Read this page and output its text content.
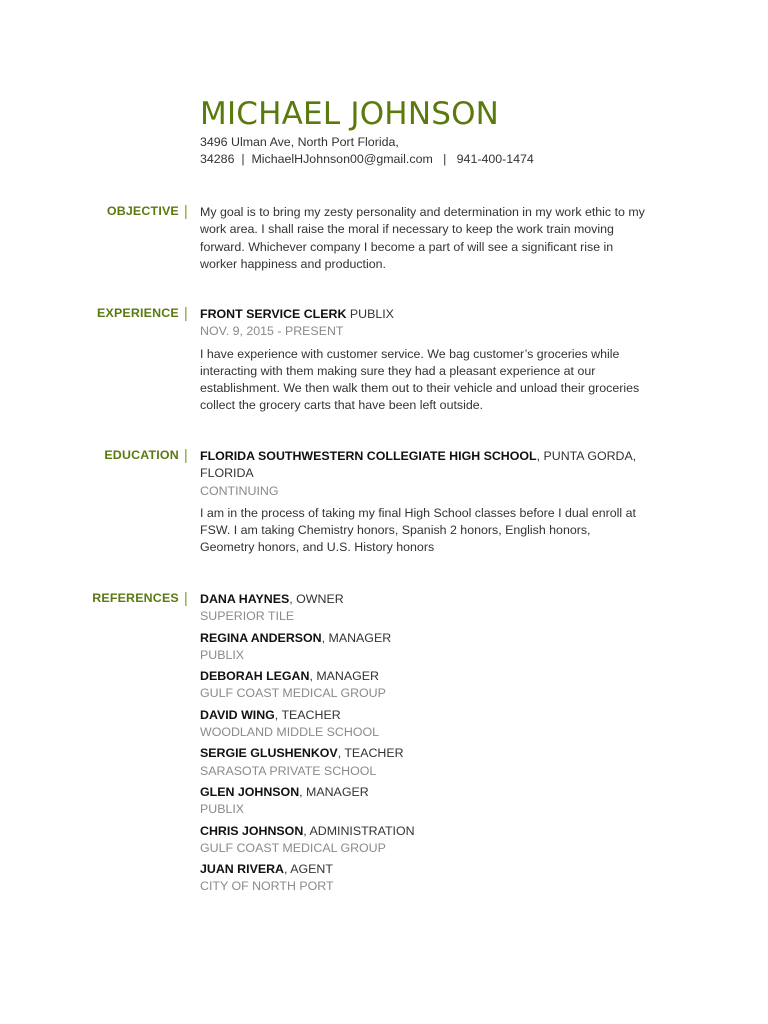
MICHAEL JOHNSON
3496 Ulman Ave, North Port Florida,
34286 | MichaelHJohnson00@gmail.com | 941-400-1474
OBJECTIVE | My goal is to bring my zesty personality and determination in my work ethic to my work area. I shall raise the moral if necessary to keep the work train moving forward. Whichever company I become a part of will see a significant rise in worker happiness and production.
EXPERIENCE | FRONT SERVICE CLERK PUBLIX
NOV. 9, 2015 - PRESENT
I have experience with customer service. We bag customer’s groceries while interacting with them making sure they had a pleasant experience at our establishment. We then walk them out to their vehicle and unload their groceries collect the grocery carts that have been left outside.
EDUCATION | FLORIDA SOUTHWESTERN COLLEGIATE HIGH SCHOOL, PUNTA GORDA, FLORIDA
CONTINUING
I am in the process of taking my final High School classes before I dual enroll at FSW. I am taking Chemistry honors, Spanish 2 honors, English honors, Geometry honors, and U.S. History honors
REFERENCES | DANA HAYNES, OWNER
SUPERIOR TILE
REGINA ANDERSON, MANAGER
PUBLIX
DEBORAH LEGAN, MANAGER
GULF COAST MEDICAL GROUP
DAVID WING, TEACHER
WOODLAND MIDDLE SCHOOL
SERGIE GLUSHENKOV, TEACHER
SARASOTA PRIVATE SCHOOL
GLEN JOHNSON, MANAGER
PUBLIX
CHRIS JOHNSON, ADMINISTRATION
GULF COAST MEDICAL GROUP
JUAN RIVERA, AGENT
CITY OF NORTH PORT
